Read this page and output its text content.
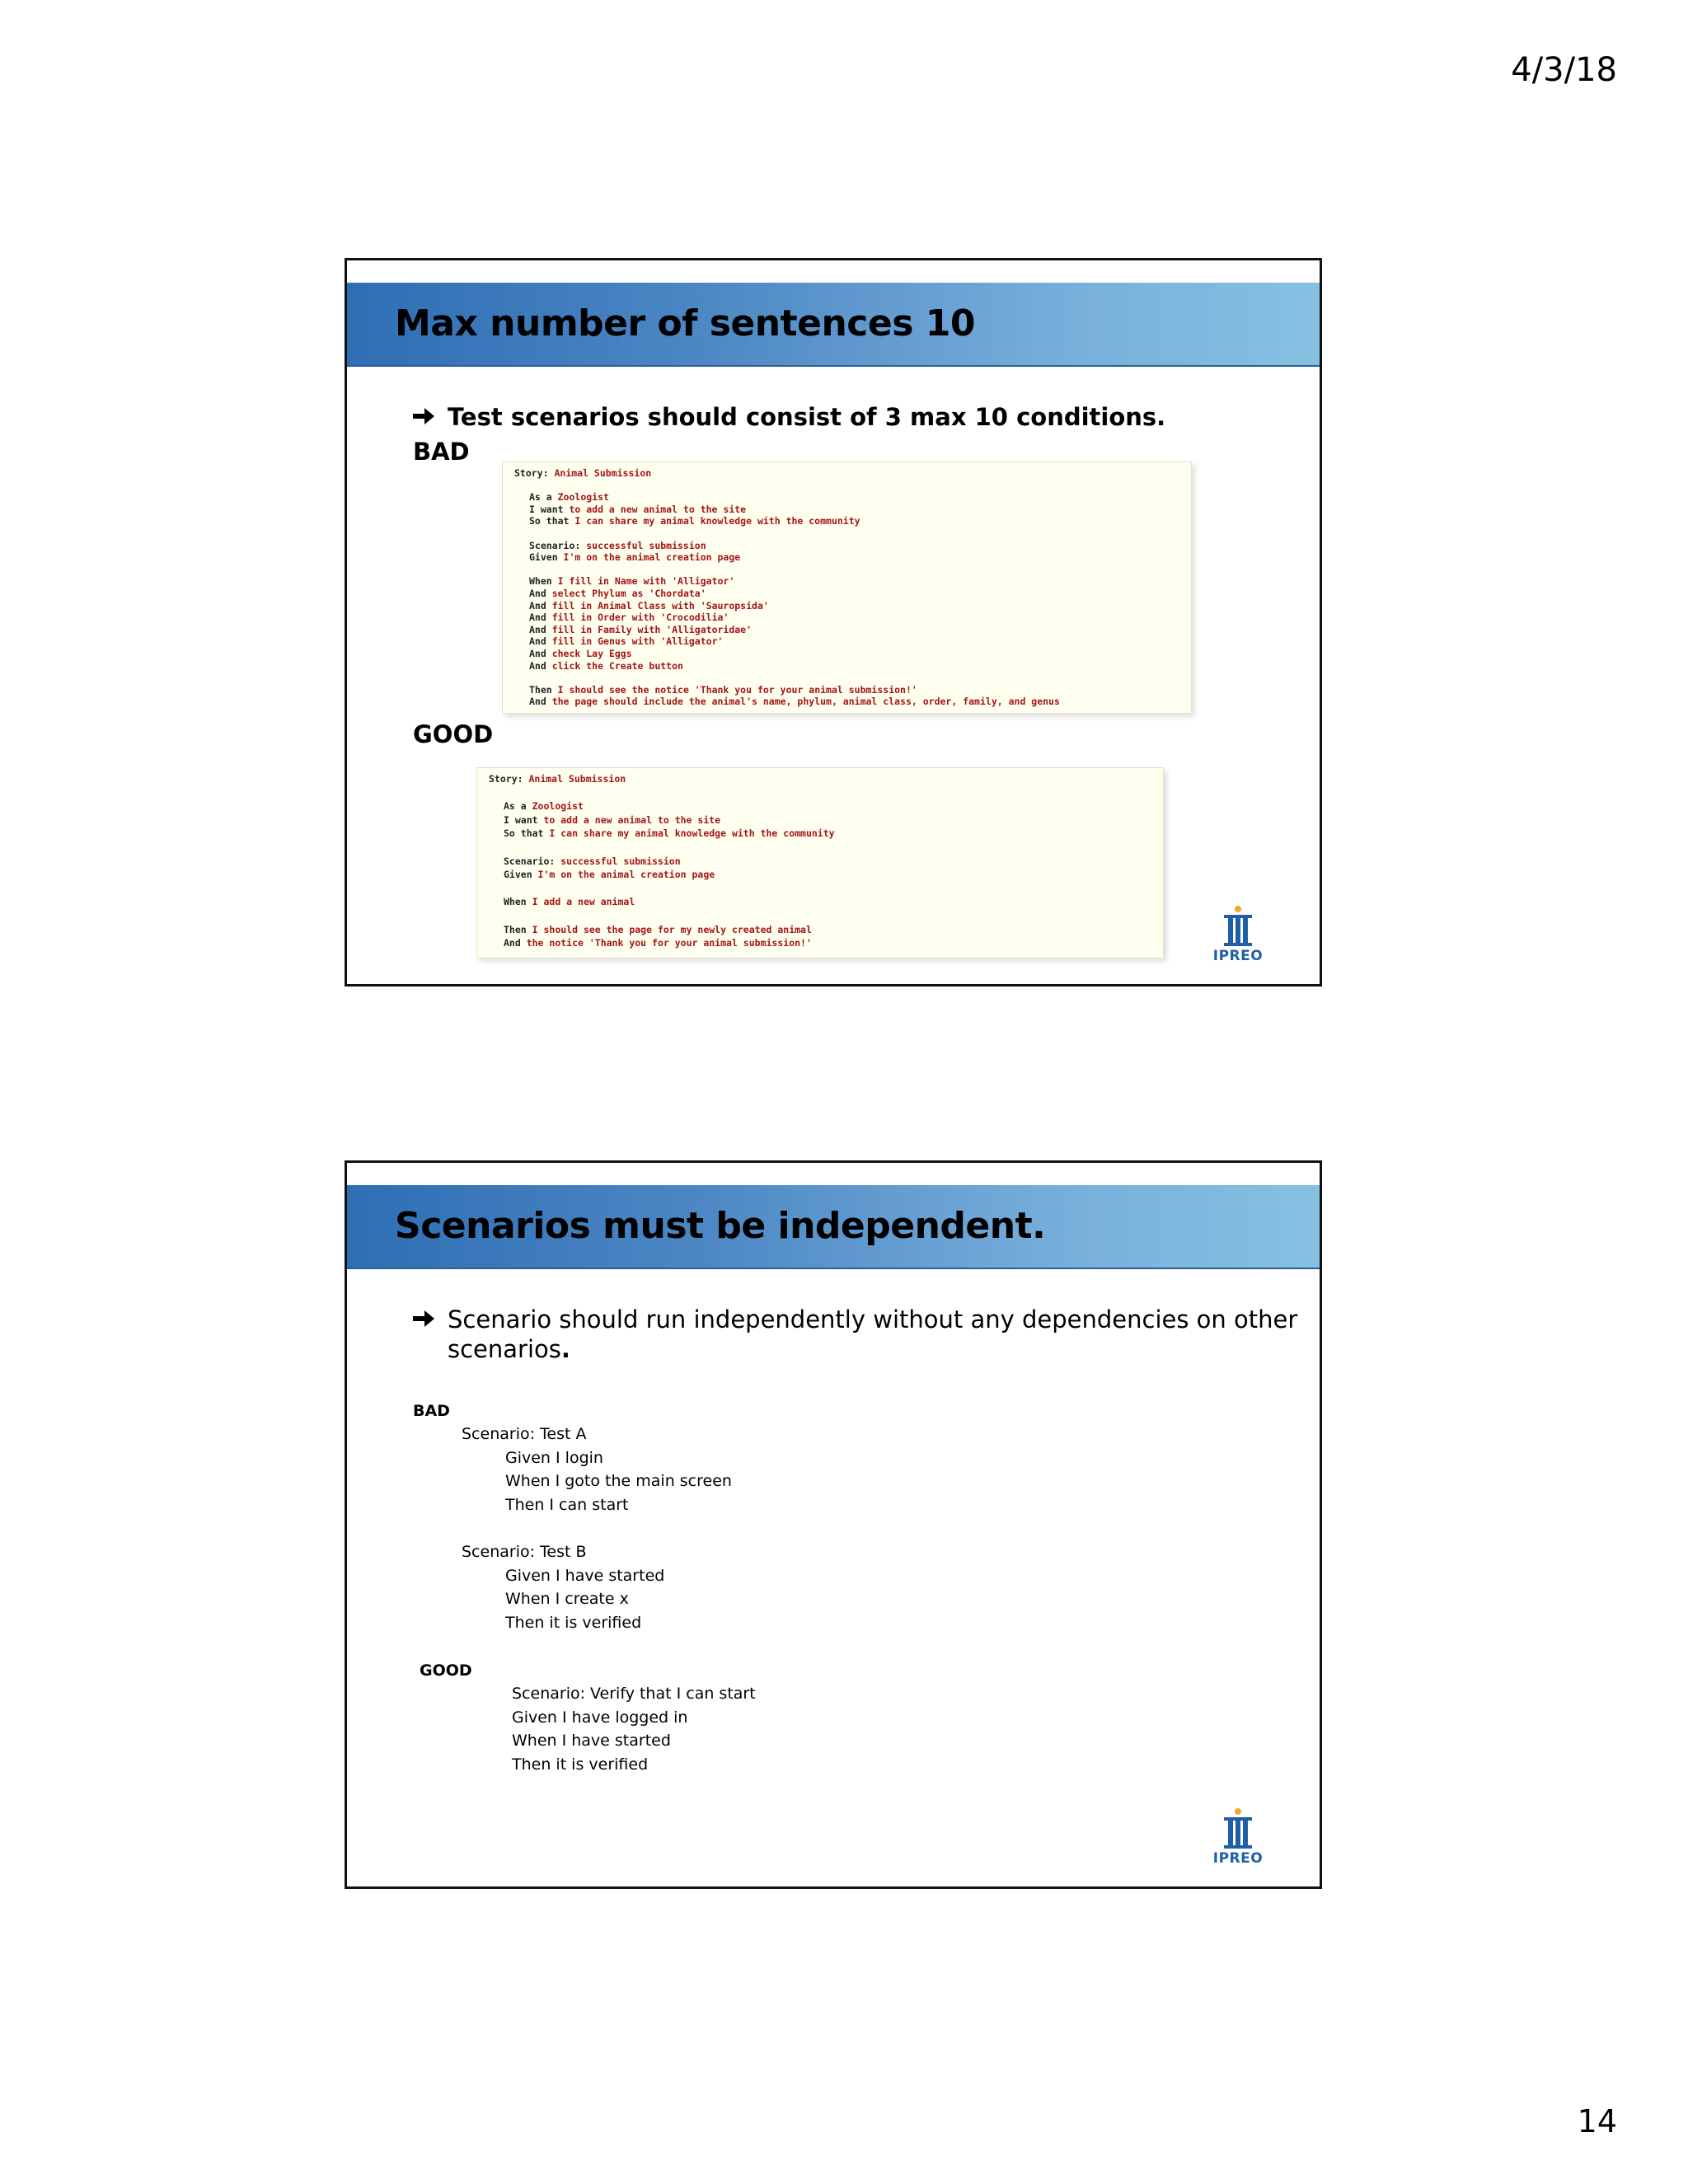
4/3/18
Max number of sentences 10
Test scenarios should consist of 3 max 10 conditions.
BAD
Story: Animal Submission
As a Zoologist
I want to add a new animal to the site
So that I can share my animal knowledge with the community
Scenario: successful submission
Given I'm on the animal creation page
When I fill in Name with 'Alligator'
And select Phylum as 'Chordata'
And fill in Animal Class with 'Sauropsida'
And fill in Order with 'Crocodilia'
And fill in Family with 'Alligatoridae'
And fill in Genus with 'Alligator'
And check Lay Eggs
And click the Create button
Then I should see the notice 'Thank you for your animal submission!'
And the page should include the animal's name, phylum, animal class, order, family, and genus
GOOD
Story: Animal Submission
As a Zoologist
I want to add a new animal to the site
So that I can share my animal knowledge with the community
Scenario: successful submission
Given I'm on the animal creation page
When I add a new animal
Then I should see the page for my newly created animal
And the notice 'Thank you for your animal submission!'
IPREO
Scenarios must be independent.
Scenario should run independently without any dependencies on other
scenarios.
BAD
Scenario: Test A
Given I login
When I goto the main screen
Then I can start
Scenario: Test B
Given I have started
When I create x
Then it is verified
GOOD
Scenario: Verify that I can start
Given I have logged in
When I have started
Then it is verified
IPREO
14
